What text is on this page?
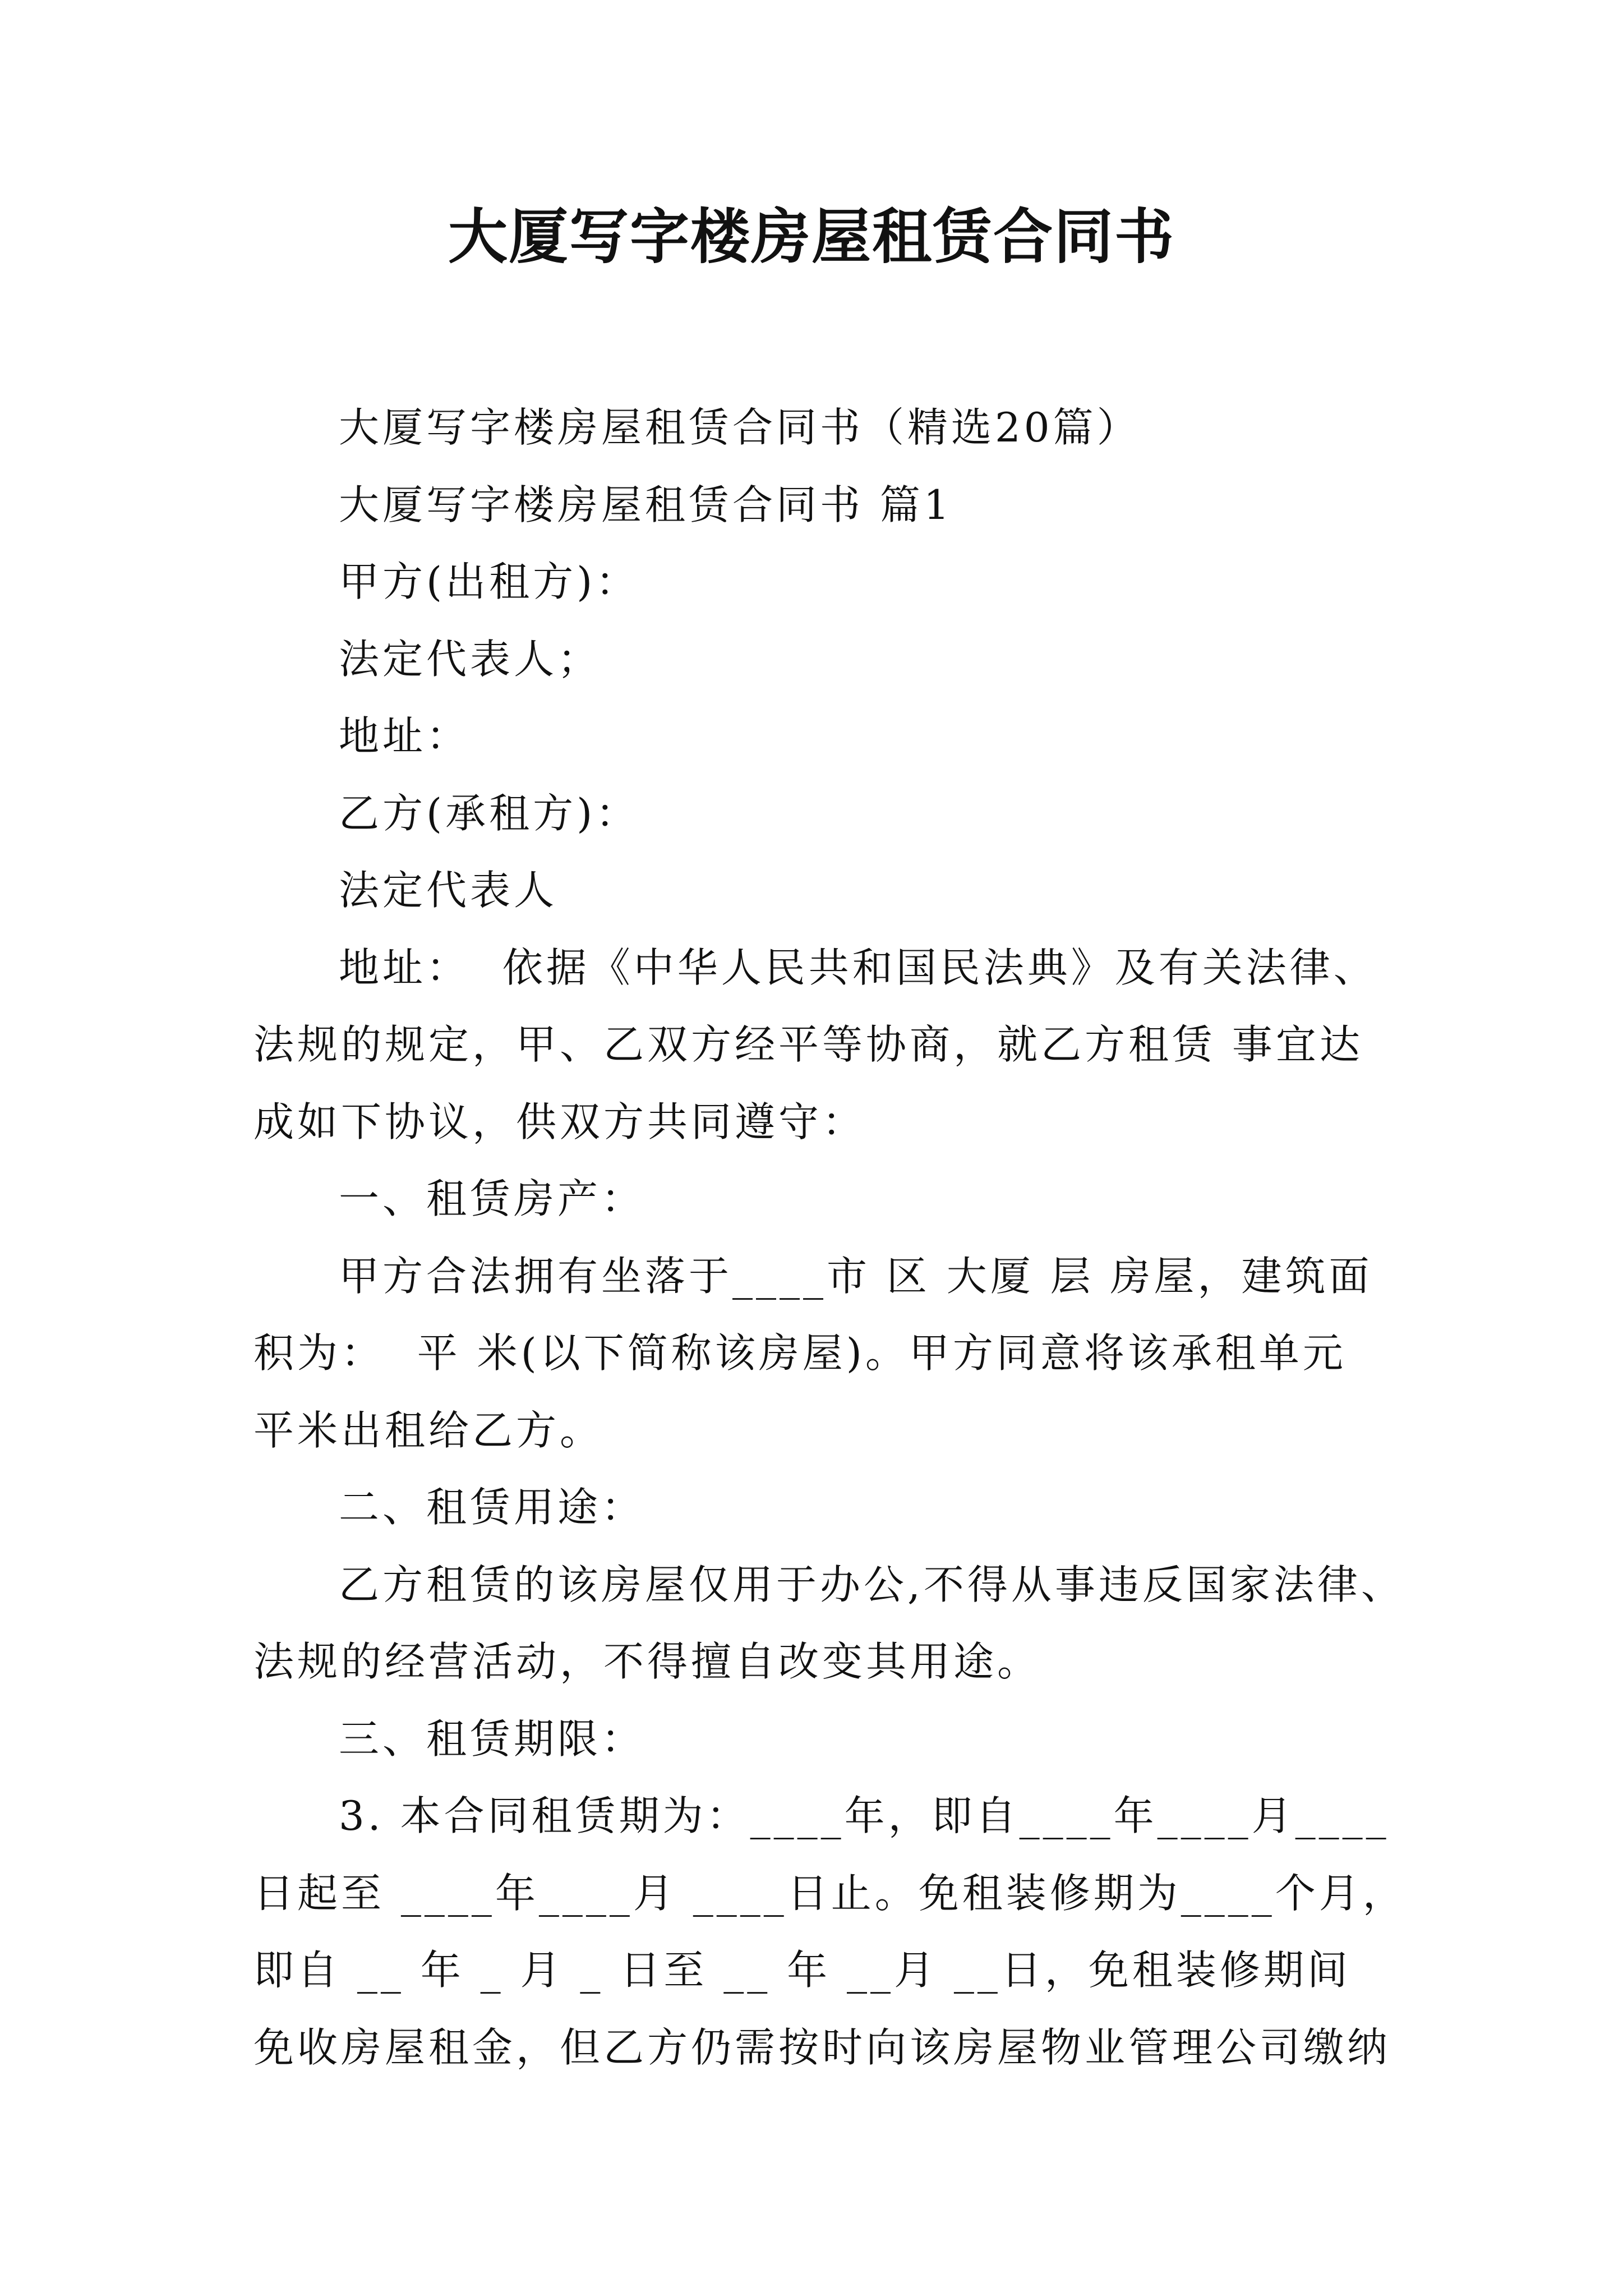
大厦写字楼房屋租赁合同书
大厦写字楼房屋租赁合同书（精选20篇）
大厦写字楼房屋租赁合同书 篇1
甲方(出租方)：
法定代表人；
地址：
乙方(承租方)：
法定代表人
地址：  依据《中华人民共和国民法典》及有关法律、
法规的规定，甲、乙双方经平等协商，就乙方租赁 事宜达
成如下协议，供双方共同遵守：
一、租赁房产：
甲方合法拥有坐落于____市 区 大厦 层 房屋，建筑面
积为：  平 米(以下简称该房屋)。甲方同意将该承租单元
平米出租给乙方。
二、租赁用途：
乙方租赁的该房屋仅用于办公,不得从事违反国家法律、
法规的经营活动，不得擅自改变其用途。
三、租赁期限：
3. 本合同租赁期为：____年，即自____年____月____
日起至 ____年____月 ____日止。免租装修期为____个月，
即自 __ 年 _ 月 _ 日至 __ 年 __月 __日，免租装修期间
免收房屋租金，但乙方仍需按时向该房屋物业管理公司缴纳
